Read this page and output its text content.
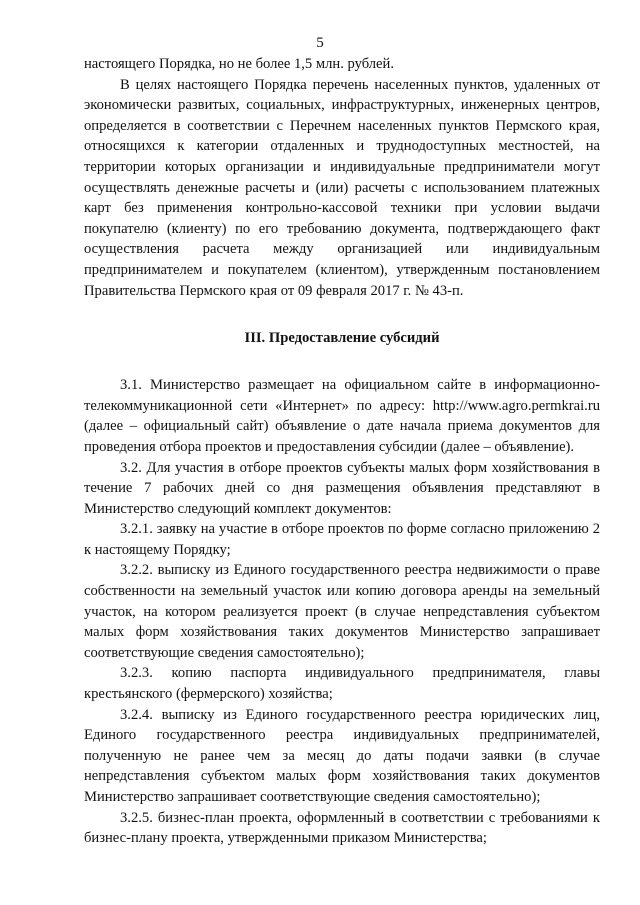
5

настоящего Порядка, но не более 1,5 млн. рублей.

В целях настоящего Порядка перечень населенных пунктов, удаленных от экономически развитых, социальных, инфраструктурных, инженерных центров, определяется в соответствии с Перечнем населенных пунктов Пермского края, относящихся к категории отдаленных и труднодоступных местностей, на территории которых организации и индивидуальные предприниматели могут осуществлять денежные расчеты и (или) расчеты с использованием платежных карт без применения контрольно-кассовой техники при условии выдачи покупателю (клиенту) по его требованию документа, подтверждающего факт осуществления расчета между организацией или индивидуальным предпринимателем и покупателем (клиентом), утвержденным постановлением Правительства Пермского края от 09 февраля 2017 г. № 43-п.

III. Предоставление субсидий

3.1. Министерство размещает на официальном сайте в информационно-телекоммуникационной сети «Интернет» по адресу: http://www.agro.permkrai.ru (далее – официальный сайт) объявление о дате начала приема документов для проведения отбора проектов и предоставления субсидии (далее – объявление).

3.2. Для участия в отборе проектов субъекты малых форм хозяйствования в течение 7 рабочих дней со дня размещения объявления представляют в Министерство следующий комплект документов:

3.2.1. заявку на участие в отборе проектов по форме согласно приложению 2 к настоящему Порядку;

3.2.2. выписку из Единого государственного реестра недвижимости о праве собственности на земельный участок или копию договора аренды на земельный участок, на котором реализуется проект (в случае непредставления субъектом малых форм хозяйствования таких документов Министерство запрашивает соответствующие сведения самостоятельно);

3.2.3. копию паспорта индивидуального предпринимателя, главы крестьянского (фермерского) хозяйства;

3.2.4. выписку из Единого государственного реестра юридических лиц, Единого государственного реестра индивидуальных предпринимателей, полученную не ранее чем за месяц до даты подачи заявки (в случае непредставления субъектом малых форм хозяйствования таких документов Министерство запрашивает соответствующие сведения самостоятельно);

3.2.5. бизнес-план проекта, оформленный в соответствии с требованиями к бизнес-плану проекта, утвержденными приказом Министерства;
